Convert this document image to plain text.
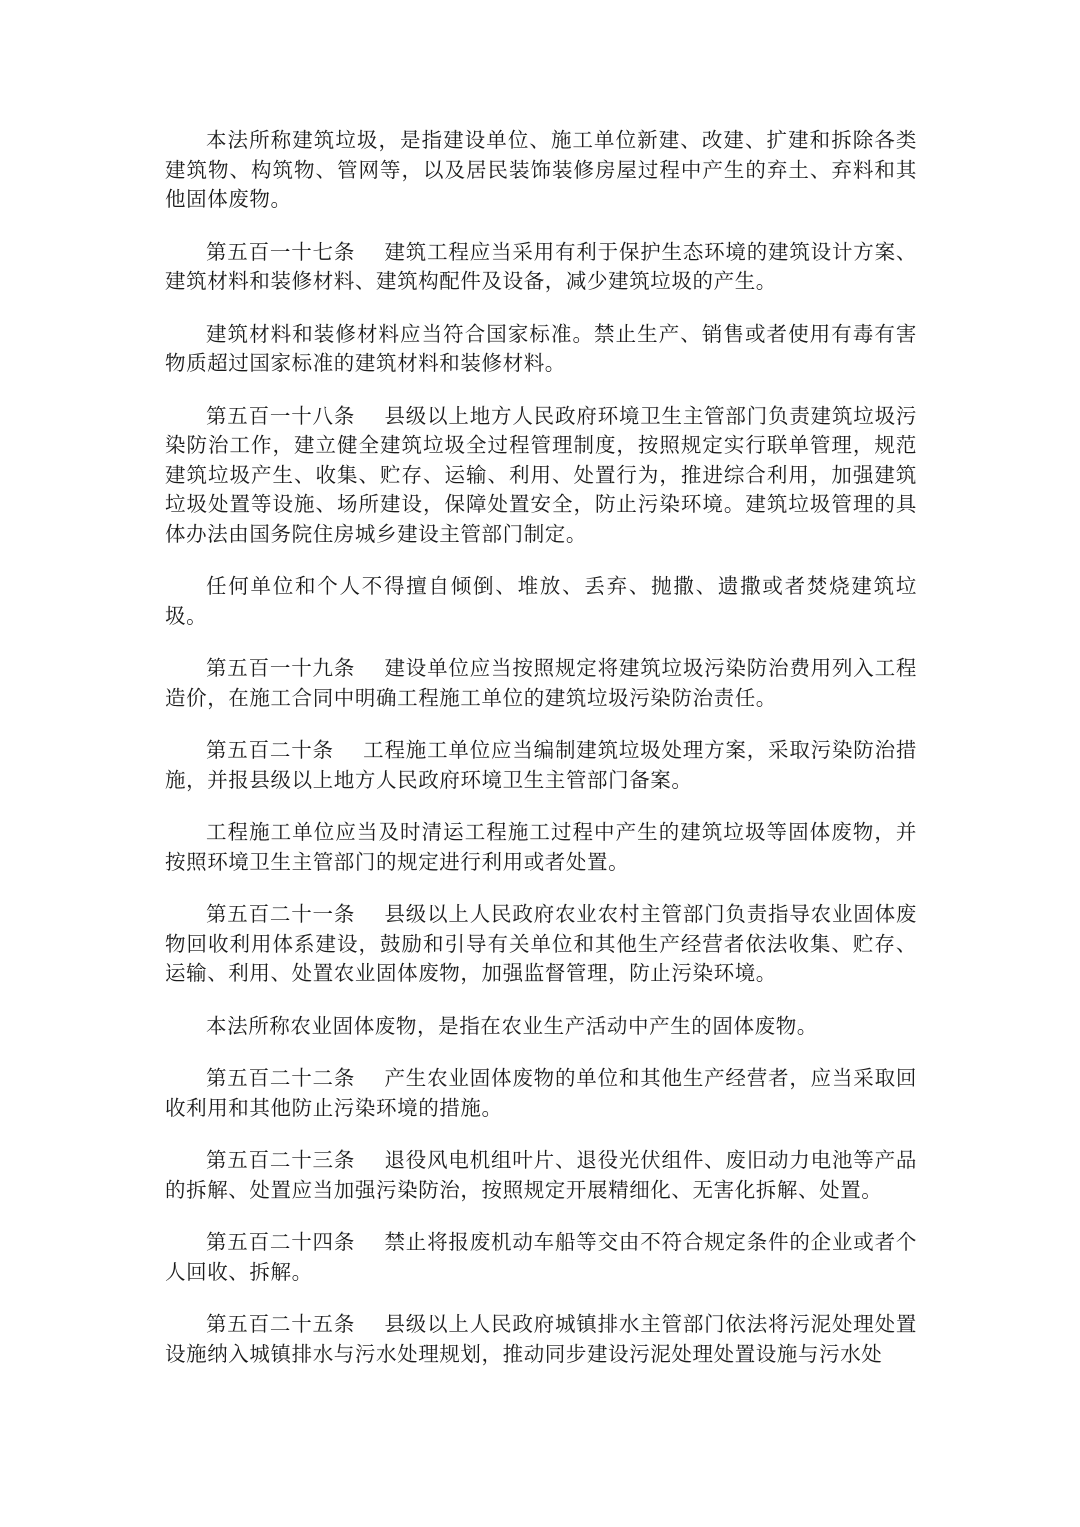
本法所称建筑垃圾，是指建设单位、施工单位新建、改建、扩建和拆除各类建筑物、构筑物、管网等，以及居民装饰装修房屋过程中产生的弃土、弃料和其他固体废物。

第五百一十七条 建筑工程应当采用有利于保护生态环境的建筑设计方案、建筑材料和装修材料、建筑构配件及设备，减少建筑垃圾的产生。

建筑材料和装修材料应当符合国家标准。禁止生产、销售或者使用有毒有害物质超过国家标准的建筑材料和装修材料。

第五百一十八条 县级以上地方人民政府环境卫生主管部门负责建筑垃圾污染防治工作，建立健全建筑垃圾全过程管理制度，按照规定实行联单管理，规范建筑垃圾产生、收集、贮存、运输、利用、处置行为，推进综合利用，加强建筑垃圾处置等设施、场所建设，保障处置安全，防止污染环境。建筑垃圾管理的具体办法由国务院住房城乡建设主管部门制定。

任何单位和个人不得擅自倾倒、堆放、丢弃、抛撒、遗撒或者焚烧建筑垃圾。

第五百一十九条 建设单位应当按照规定将建筑垃圾污染防治费用列入工程造价，在施工合同中明确工程施工单位的建筑垃圾污染防治责任。

第五百二十条 工程施工单位应当编制建筑垃圾处理方案，采取污染防治措施，并报县级以上地方人民政府环境卫生主管部门备案。

工程施工单位应当及时清运工程施工过程中产生的建筑垃圾等固体废物，并按照环境卫生主管部门的规定进行利用或者处置。

第五百二十一条 县级以上人民政府农业农村主管部门负责指导农业固体废物回收利用体系建设，鼓励和引导有关单位和其他生产经营者依法收集、贮存、运输、利用、处置农业固体废物，加强监督管理，防止污染环境。

本法所称农业固体废物，是指在农业生产活动中产生的固体废物。

第五百二十二条 产生农业固体废物的单位和其他生产经营者，应当采取回收利用和其他防止污染环境的措施。

第五百二十三条 退役风电机组叶片、退役光伏组件、废旧动力电池等产品的拆解、处置应当加强污染防治，按照规定开展精细化、无害化拆解、处置。

第五百二十四条 禁止将报废机动车船等交由不符合规定条件的企业或者个人回收、拆解。

第五百二十五条 县级以上人民政府城镇排水主管部门依法将污泥处理处置设施纳入城镇排水与污水处理规划，推动同步建设污泥处理处置设施与污水处
